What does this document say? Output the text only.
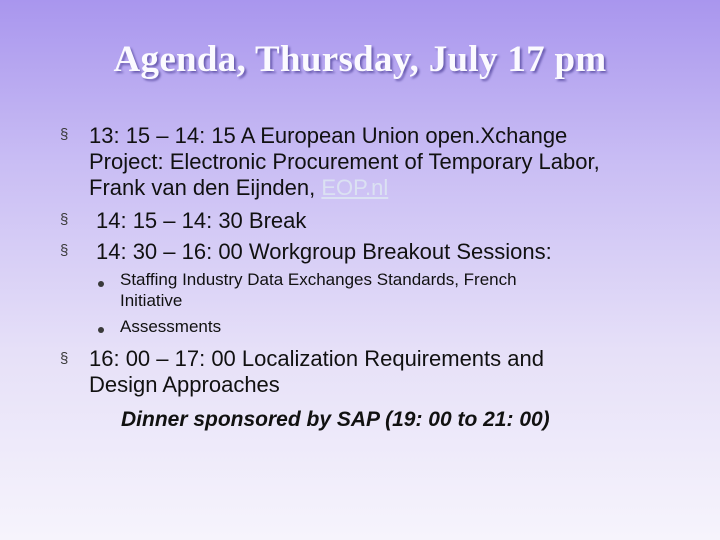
Agenda, Thursday, July 17 pm
§ 13: 15 – 14: 15 A European Union open.Xchange
Project: Electronic Procurement of Temporary Labor,
Frank van den Eijnden, EOP.nl
§ 14: 15 – 14: 30 Break
§ 14: 30 – 16: 00 Workgroup Breakout Sessions:
Staffing Industry Data Exchanges Standards, French
Initiative
Assessments
§ 16: 00 – 17: 00 Localization Requirements and
Design Approaches
Dinner sponsored by SAP (19: 00 to 21: 00)
